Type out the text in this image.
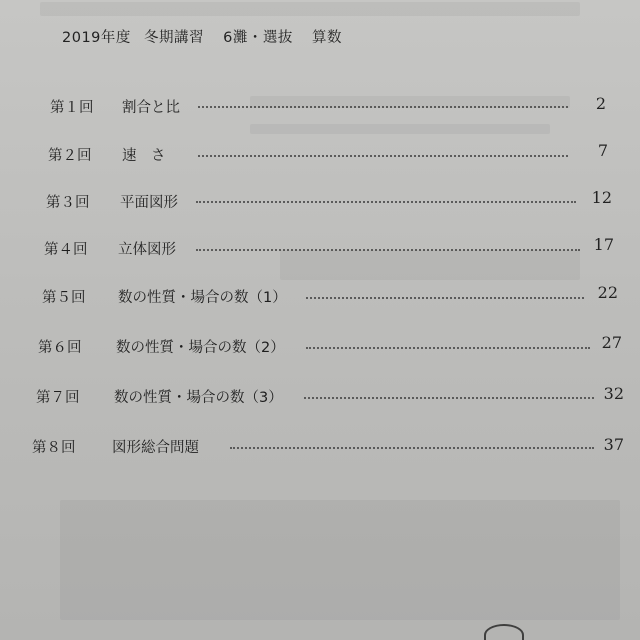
2019年度 冬期講習 6灘・選抜 算数
第１回 割合と比	2
第２回 速　さ	7
第３回 平面図形	12
第４回 立体図形	17
第５回 数の性質・場合の数（1）	22
第６回 数の性質・場合の数（2）	27
第７回 数の性質・場合の数（3）	32
第８回	図形総合問題	37
